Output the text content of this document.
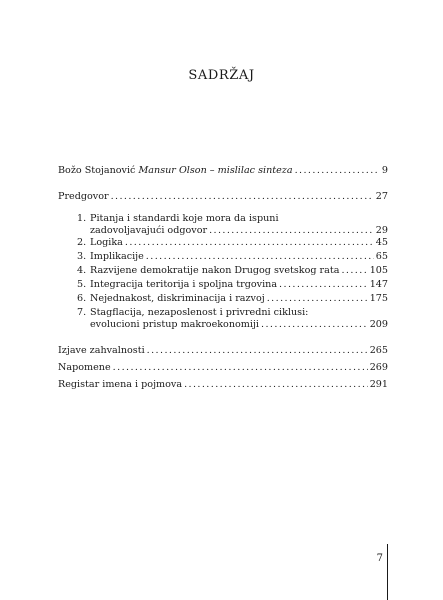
SADRŽAJ
Božo Stojanović Mansur Olson – mislilac sinteza .....	9
Predgovor .....	27
1. Pitanja i standardi koje mora da ispuni
zadovoljavajući odgovor .....	29
2. Logika .....	45
3. Implikacije .....	65
4. Razvijene demokratije nakon Drugog svetskog rata .....	105
5. Integracija teritorija i spoljna trgovina .....	147
6. Nejednakost, diskriminacija i razvoj .....	175
7. Stagflacija, nezaposlenost i privredni ciklusi:
evolucioni pristup makroekonomiji .....	209
Izjave zahvalnosti .....	265
Napomene .....	269
Registar imena i pojmova .....	291
7
